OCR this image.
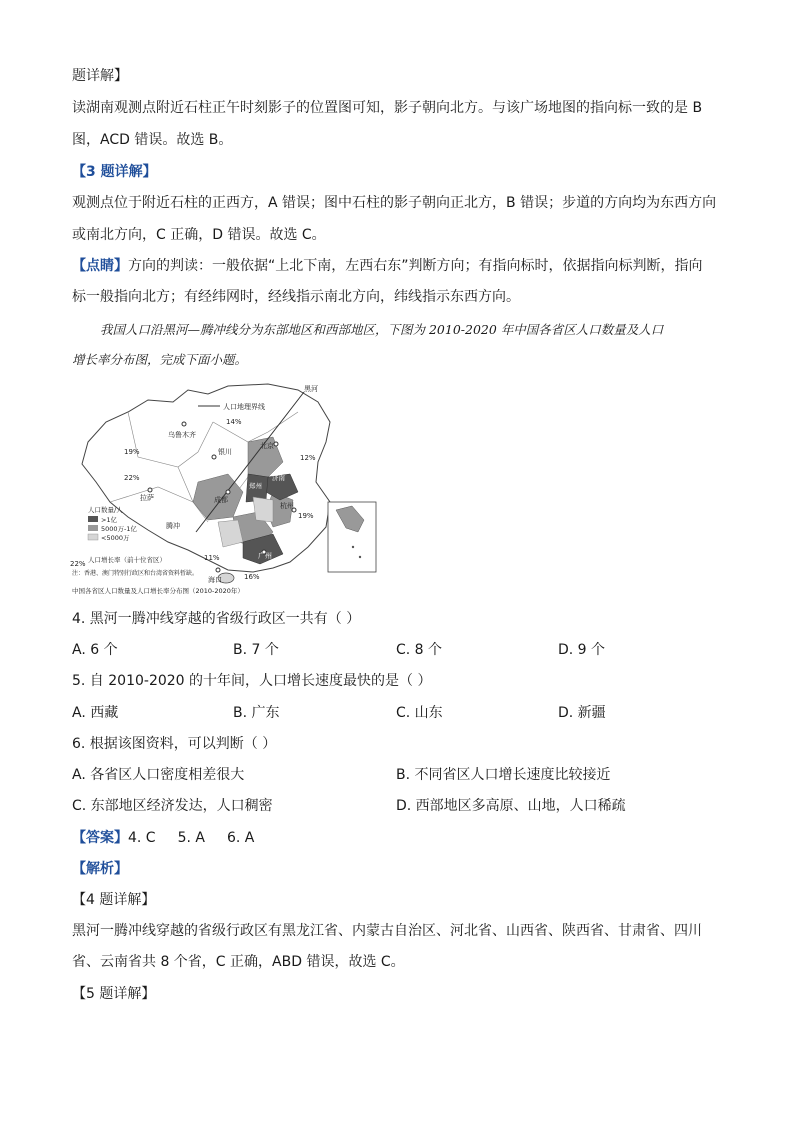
题详解】
读湖南观测点附近石柱正午时刻影子的位置图可知，影子朝向北方。与该广场地图的指向标一致的是 B
图，ACD 错误。故选 B。
【3 题详解】
观测点位于附近石柱的正西方，A 错误；图中石柱的影子朝向正北方，B 错误；步道的方向均为东西方向
或南北方向，C 正确，D 错误。故选 C。
【点睛】方向的判读：一般依据“上北下南，左西右东”判断方向；有指向标时，依据指向标判断，指向
标一般指向北方；有经纬网时，经线指示南北方向，纬线指示东西方向。
我国人口沿黑河—腾冲线分为东部地区和西部地区，下图为 2010-2020 年中国各省区人口数量及人口
增长率分布图，完成下面小题。
黑河
人口地理界线
乌鲁木齐
银川
北京
济南
郑州
拉萨	成都
腾冲
杭州
广州
海口
14%
12%
19%
22%
19%
11%
16%
22%
人口数量/人
>1亿
5000万-1亿
<5000万
人口增长率（前十位省区）
注：香港、澳门特别行政区和台湾省资料暂缺。
中国各省区人口数量及人口增长率分布图（2010-2020年）
4. 黑河一腾冲线穿越的省级行政区一共有（ ）
A. 6 个	B. 7 个	C. 8 个	D. 9 个
5. 自 2010-2020 的十年间，人口增长速度最快的是（ ）
A. 西藏	B. 广东	C. 山东	D. 新疆
6. 根据该图资料，可以判断（ ）
A. 各省区人口密度相差很大	B. 不同省区人口增长速度比较接近
C. 东部地区经济发达，人口稠密	D. 西部地区多高原、山地，人口稀疏
【答案】4. C 5. A 6. A
【解析】
【4 题详解】
黑河一腾冲线穿越的省级行政区有黑龙江省、内蒙古自治区、河北省、山西省、陕西省、甘肃省、四川
省、云南省共 8 个省，C 正确，ABD 错误，故选 C。
【5 题详解】
